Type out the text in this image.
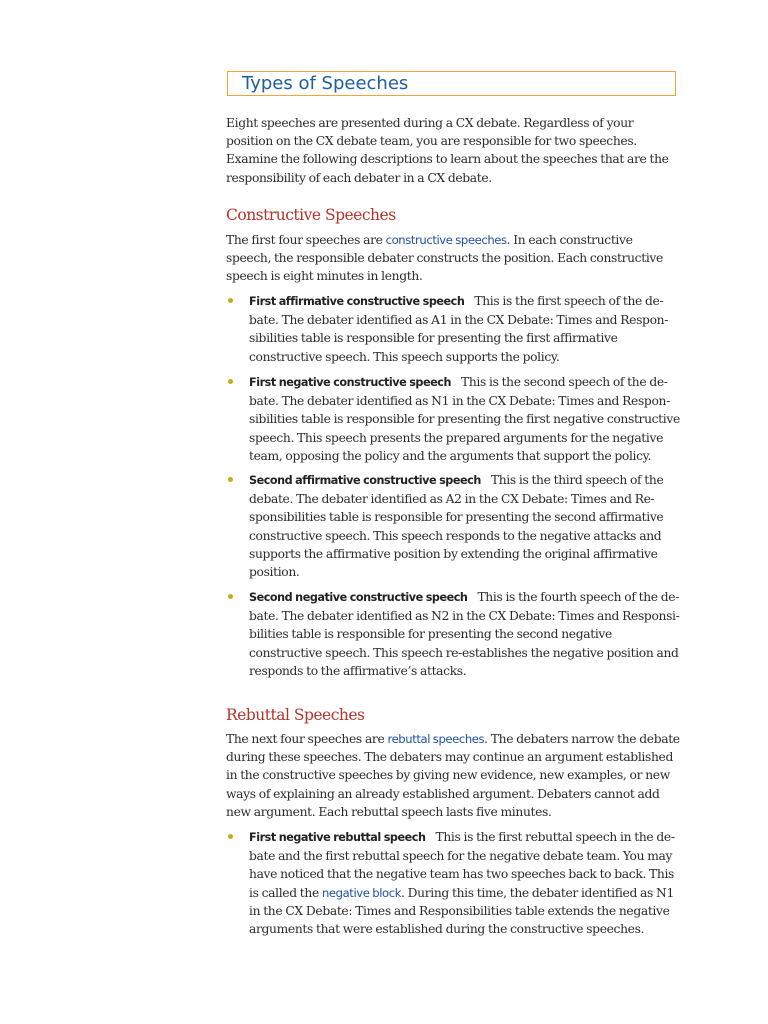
Types of Speeches

Eight speeches are presented during a CX debate. Regardless of your position on the CX debate team, you are responsible for two speeches. Examine the following descriptions to learn about the speeches that are the responsibility of each debater in a CX debate.

Constructive Speeches

The first four speeches are constructive speeches. In each constructive speech, the responsible debater constructs the position. Each constructive speech is eight minutes in length.

First affirmative constructive speech This is the first speech of the de-bate. The debater identified as A1 in the CX Debate: Times and Respon-sibilities table is responsible for presenting the first affirmative constructive speech. This speech supports the policy.

First negative constructive speech This is the second speech of the de-bate. The debater identified as N1 in the CX Debate: Times and Respon-sibilities table is responsible for presenting the first negative constructive speech. This speech presents the prepared arguments for the negative team, opposing the policy and the arguments that support the policy.

Second affirmative constructive speech This is the third speech of the debate. The debater identified as A2 in the CX Debate: Times and Re-sponsibilities table is responsible for presenting the second affirmative constructive speech. This speech responds to the negative attacks and supports the affirmative position by extending the original affirmative position.

Second negative constructive speech This is the fourth speech of the de-bate. The debater identified as N2 in the CX Debate: Times and Responsi- bilities table is responsible for presenting the second negative constructive speech. This speech re-establishes the negative position and responds to the affirmative’s attacks.

Rebuttal Speeches

The next four speeches are rebuttal speeches. The debaters narrow the debate during these speeches. The debaters may continue an argument established in the constructive speeches by giving new evidence, new examples, or new ways of explaining an already established argument. Debaters cannot add new argument. Each rebuttal speech lasts five minutes.

First negative rebuttal speech This is the first rebuttal speech in the de-bate and the first rebuttal speech for the negative debate team. You may have noticed that the negative team has two speeches back to back. This is called the negative block. During this time, the debater identified as N1 in the CX Debate: Times and Responsibilities table extends the negative arguments that were established during the constructive speeches.
